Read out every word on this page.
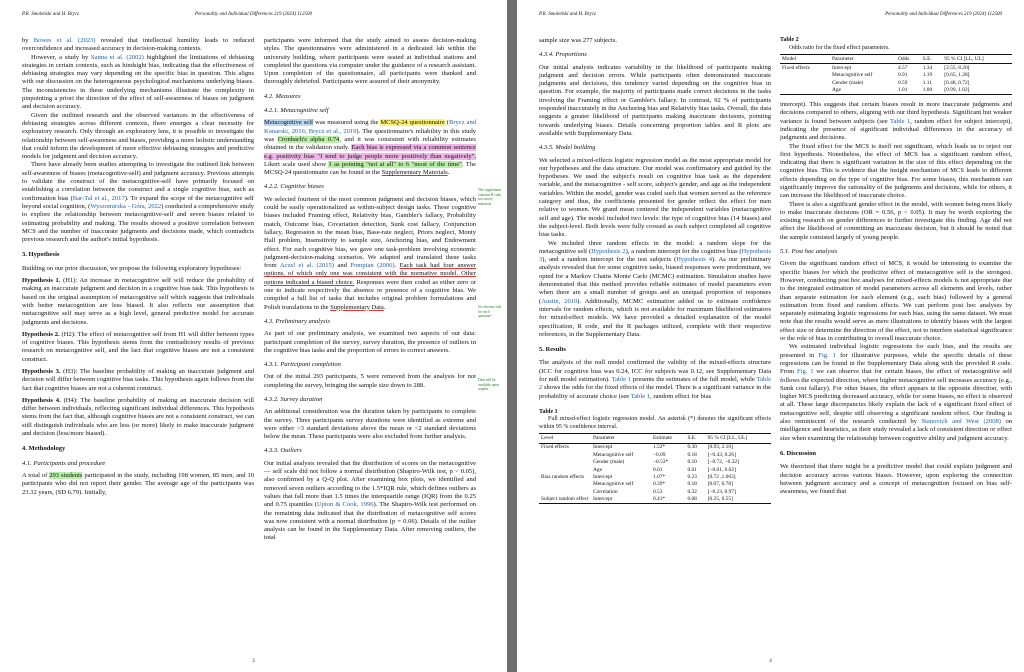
P.R. Smoleński and H. Brycz	Personality and Individual Differences 219 (2024) 112500

by Bowes et al. (2023) revealed that intellectual humility leads to reduced overconfidence and increased accuracy in decision-making contexts.

However, a study by Sanna et al. (2002) highlighted the limitations of debiasing strategies in certain contexts, such as hindsight bias, indicating that the effectiveness of debiasing strategies may vary depending on the specific bias in question. This aligns with our discussion on the heterogeneous psychological mechanisms underlying biases. The inconsistencies in these underlying mechanisms illustrate the complexity in pinpointing a priori the direction of the effect of self-awareness of biases on judgment and decision accuracy.

Given the outlined research and the observed variances in the effectiveness of debiasing strategies across different contexts, there emerges a clear necessity for exploratory research. Only through an exploratory lens, it is possible to investigate the relationship between self-awareness and biases, providing a more holistic understanding that could inform the development of more effective debiasing strategies and predictive models for judgment and decision accuracy.

There have already been studies attempting to investigate the outlined link between self-awareness of biases (metacognitive-self) and judgment accuracy. Previous attempts to validate the construct of the metacognitive-self have primarily focused on establishing a correlation between the construct and a single cognitive bias, such as confirmation bias (Bar-Tal et al., 2017). To expand the scope of the metacognitive self beyond social cognition, (Wyszomirska - Góra, 2022) conducted a comprehensive study to explore the relationship between metacognitive-self and seven biases related to estimating probability and making. The results showed a positive correlation between MCS and the number of inaccurate judgments and decisions made, which contradicts previous research and the author's initial hypothesis.

3. Hypothesis

Building on our prior discussion, we propose the following exploratory hypotheses:

Hypothesis 1. (H1): An increase in metacognitive self will reduce the probability of making an inaccurate judgment and decision in a cognitive bias task. This hypothesis is based on the original assumption of metacognitive self which suggests that individuals with better metacognition are less biased. It also reflects our assumption that metacognitive self may serve as a high level, general predictive model for accurate judgments and decisions.

Hypothesis 2. (H2): The effect of metacognitive self from H1 will differ between types of cognitive biases. This hypothesis stems from the contradictory results of previous research on metacognitive self, and the fact that cognitive biases are not a consistent construct.

Hypothesis 3. (H3): The baseline probability of making an inaccurate judgment and decision will differ between cognitive bias tasks. This hypothesis again follows from the fact that cognitive biases are not a coherent construct.

Hypothesis 4. (H4): The baseline probability of making an inaccurate decision will differ between individuals, reflecting significant individual differences. This hypothesis stems from the fact that, although cognitive biases are not a consistent construct, we can still distinguish individuals who are less (or more) likely to make inaccurate judgment and decision (less/more biased).

4. Methodology
4.1. Participants and procedure

A total of 293 students participated in the study, including 198 women, 85 men, and 10 participants who did not report their gender. The average age of the participants was 23.32 years, (SD 6.79). Initially,

participants were informed that the study aimed to assess decision-making styles. The questionnaires were administered in a dedicated lab within the university building, where participants were seated at individual stations and completed the questions via computer under the guidance of a research assistant. Upon completion of the questionnaire, all participants were thanked and thoroughly debriefed. Participants were assured of their anonymity.

4.2. Measures
4.2.1. Metacognitive self

Metacognitive self was measured using the MCSQ-24 questionnaire (Brycz and Konarski, 2016; Brycz et al., 2019). The questionnaire's reliability in this study was Cronbach's alpha 0.74, and it was consistent with reliability estimates obtained in the validation study. Each bias is expressed via a common sentence e.g. positivity bias "I tend to judge people more positively than negatively". Likert scale used show 1 as pointing "not at all" to 6 "most of the time". The MCSQ-24 questionnaire can be found in the Supplementary Materials.

4.2.2. Cognitive biases

We selected fourteen of the most common judgment and decision biases, which could be easily operationalized as within-subject design tasks. These cognitive biases included Framing effect, Relativity bias, Gambler's fallacy, Probability match, Outcome bias, Covariation detection, Sunk cost fallacy, Conjunction fallacy, Regression to the mean bias, Base-rate neglect, Priors neglect, Monty Hall problem, Insensitivity to sample size, Anchoring bias, and Endowment effect. For each cognitive bias, we gave one task-problem involving economic judgment-decision-making scenarios. We adapted and translated these tasks from Aczel et al. (2015) and Pompian (2006). Each task had four answer options, of which only one was consistent with the normative model. Other options indicated a biased choice. Responses were then coded as either zero or one to indicate respectively the absence or presence of a cognitive bias. We compiled a full list of tasks that includes original problem formulations and Polish translations in the Supplementary Data.

4.3. Preliminary analysis

As part of our preliminary analysis, we examined two aspects of our data: participant completion of the survey, survey duration, the presence of outliers in the cognitive bias tasks and the proportion of errors to correct answers.

4.3.1. Participant completion

Out of the initial 293 participants, 5 were removed from the analysis for not completing the survey, bringing the sample size down to 288.

4.3.2. Survey duration

An additional consideration was the duration taken by participants to complete the survey. Three participants survey durations were identified as extreme and were either >3 standard deviations above the mean or <2 standard deviations below the mean. These participants were also excluded from further analysis.

4.3.3. Outliers

Our initial analysis revealed that the distribution of scores on the metacognitive — self scale did not follow a normal distribution (Shapiro-Wilk test, p < 0.05), also confirmed by a Q-Q plot. After examining box plots, we identified and removed seven outliers according to the 1.5*IQR rule, which defines outliers as values that fall more than 1.5 times the interquartile range (IQR) from the 0.25 and 0.75 quantiles (Upton & Cook, 1996). The Shapiro-Wilk test performed on the remaining data indicated that the distribution of metacognitive self scores was now consistent with a normal distribution (p = 0.06). Details of the outlier analysis can be found in the Supplementary Data. After removing outliers, the total

The supplement contains R code, not survey materials
No obvious rule for each question?
Data will be available upon request
3
P.R. Smoleński and H. Brycz	Personality and Individual Differences 219 (2024) 112500

sample size was 277 subjects.

4.3.4. Proportions

Our initial analysis indicates variability in the likelihood of participants making judgment and decision errors. While participants often demonstrated inaccurate judgments and decisions, this tendency varied depending on the cognitive bias in question. For example, the majority of participants made correct decisions in the tasks involving the Framing effect or Gambler's fallacy. In contrast, 92 % of participants responded inaccurately in the Anchoring bias and Relativity bias tasks. Overall, the data suggests a greater likelihood of participants making inaccurate decisions, pointing towards underlying biases. Details concerning proportion tables and R plots are available with Supplementary Data.

4.3.5. Model building

We selected a mixed-effects logistic regression model as the most appropriate model for our hypotheses and the data structure. Our model was confirmatory and guided by the hypotheses. We used the subject's result on cognitive bias task as the dependent variable, and the metacognitive - self score, subject's gender, and age as the independent variables. Within the model, gender was coded such that women served as the reference category and thus, the coefficients presented for gender reflect the effect for men relative to women. We grand mean centered the independent variables (metacognitive self and age). The model included two levels: the type of cognitive bias (14 biases) and the subject-level. Both levels were fully crossed as each subject completed all cognitive bias tasks.

We included three random effects in the model: a random slope for the metacognitive self (Hypothesis 2), a random intercept for the cognitive bias (Hypothesis 3), and a random intercept for the test subjects (Hypothesis 4). As our preliminary analysis revealed that for some cognitive tasks, biased responses were predominant, we opted for a Markov Chains Monte Carlo (MCMC) estimation. Simulation studies have demonstrated that this method provides reliable estimates of model parameters even when there are a small number of groups and an unequal proportion of responses (Austin, 2010). Additionally, MCMC estimation added us to estimate confidence intervals for random effects, which is not available for maximum likelihood estimators for mixed-effect models. We have provided a detailed explanation of the model specification, R code, and the R packages utilized, complete with their respective references, in the Supplementary Data.

5. Results

The analysis of the null model confirmed the validity of the mixed-effects structure (ICC for cognitive bias was 0.24, ICC for subjects was 0.12, see Supplementary Data for null model estimation). Table 1 presents the estimates of the full model, while Table 2 shows the odds for the fixed effects of the model. There is a significant variance in the probability of accurate choice (see Table 1, random effect for bias

Table 1

Full mixed-effect logistic regression model. An asterisk (*) denotes the significant effects within 95 % confidence interval.

Level	Parameter	Estimate	S.E.	95 % CI [LL, UL]
Fixed effects	Intercept	1.52*	0.30	[0.93, 2.10]
	Metacognitive self	−0.09	0.18	[−0.43, 0.26]
	Gender (male)	−0.53*	0.10	[−0.72, −0.32]
	Age	0.01	0.01	[−0.01, 0.02]
Bias random effects	Intercept	1.07*	0.23	[0.72 ,1.063]
	Metacognitive self	0.39*	0.18	[0.07, 0.78]
	Correlation	0.53	0.32	[−0.23, 0.97]
Subject random effect	Intercept	0.41*	0.08	[0.25, 0.55]

Table 2

Odds ratio for the fixed effect parameters.

Model	Parameter	Odds	S.E.	95 % CI [LL, UL]
Fixed effects	Intercept	4.57	1.34	[2.55, 8.20]
	Metacognitive self	0.91	1.19	[0.65, 1.28]
	Gender (male)	0.59	1.11	[0.48, 0.72]
	Age	1.01	1.00	[0.99, 1.02]

intercept). This suggests that certain biases result in more inaccurate judgments and decisions compared to others, aligning with our third hypothesis. Significant but weaker variance is found between subjects (see Table 1, random effect for subject intercept), indicating the presence of significant individual differences in the accuracy of judgments and decisions.

The fixed effect for the MCS is itself not significant, which leads us to reject our first hypothesis. Nonetheless, the effect of MCS has a significant random effect, indicating that there is significant variation in the size of this effect depending on the cognitive bias. This is evidence that the insight mechanism of MCS leads to different effects depending on the type of cognitive bias. For some biases, this mechanism can significantly improve the rationality of the judgments and decisions, while for others, it can increase the likelihood of inaccurate choice.

There is also a significant gender effect in the model, with women being more likely to make inaccurate decisions (OR = 0.56, p < 0.05). It may be worth exploring the existing research on gender differences to further investigate this finding. Age did not affect the likelihood of committing an inaccurate decision, but it should be noted that the sample consisted largely of young people.

5.1. Post hoc analysis

Given the significant random effect of MCS, it would be interesting to examine the specific biases for which the predictive effect of metacognitive self is the strongest. However, conducting post hoc analyses for mixed-effects models is not appropriate due to the integrated estimation of model parameters across all elements and levels, rather than separate estimation for each element (e.g., each bias) followed by a general estimation from fixed and random effects. We can perform post hoc analyses by separately estimating logistic regressions for each bias, using the same dataset. We must note that the results would serve as mere illustrations to identify biases with the largest effect size or determine the direction of the effect, not to interfere statistical significance or the role of bias in contributing to overall inaccurate choice.

We estimated individual logistic regressions for each bias, and the results are presented in Fig. 1 for illustrative purposes, while the specific details of these regressions can be found in the Supplementary Data along with the provided R code. From Fig. 1 we can observe that for certain biases, the effect of metacognitive self follows the expected direction, where higher metacognitive self increases accuracy (e.g., Sunk cost fallacy). For other biases, the effect appears in the opposite direction, with higher MCS predicting decreased accuracy, while for some biases, no effect is observed at all. These large discrepancies likely explain the lack of a significant fixed effect of metacognitive self, despite still observing a significant random effect. Our finding is also reminiscent of the research conducted by Stanovich and West (2008) on intelligence and heuristics, as their study revealed a lack of consistent direction or effect size when examining the relationship between cognitive ability and judgment accuracy.

6. Discussion

We theorized that there might be a predictive model that could explain judgment and decision accuracy across various biases. However, upon exploring the connection between judgment accuracy and a concept of metacognition focused on bias self-awareness, we found that

4
